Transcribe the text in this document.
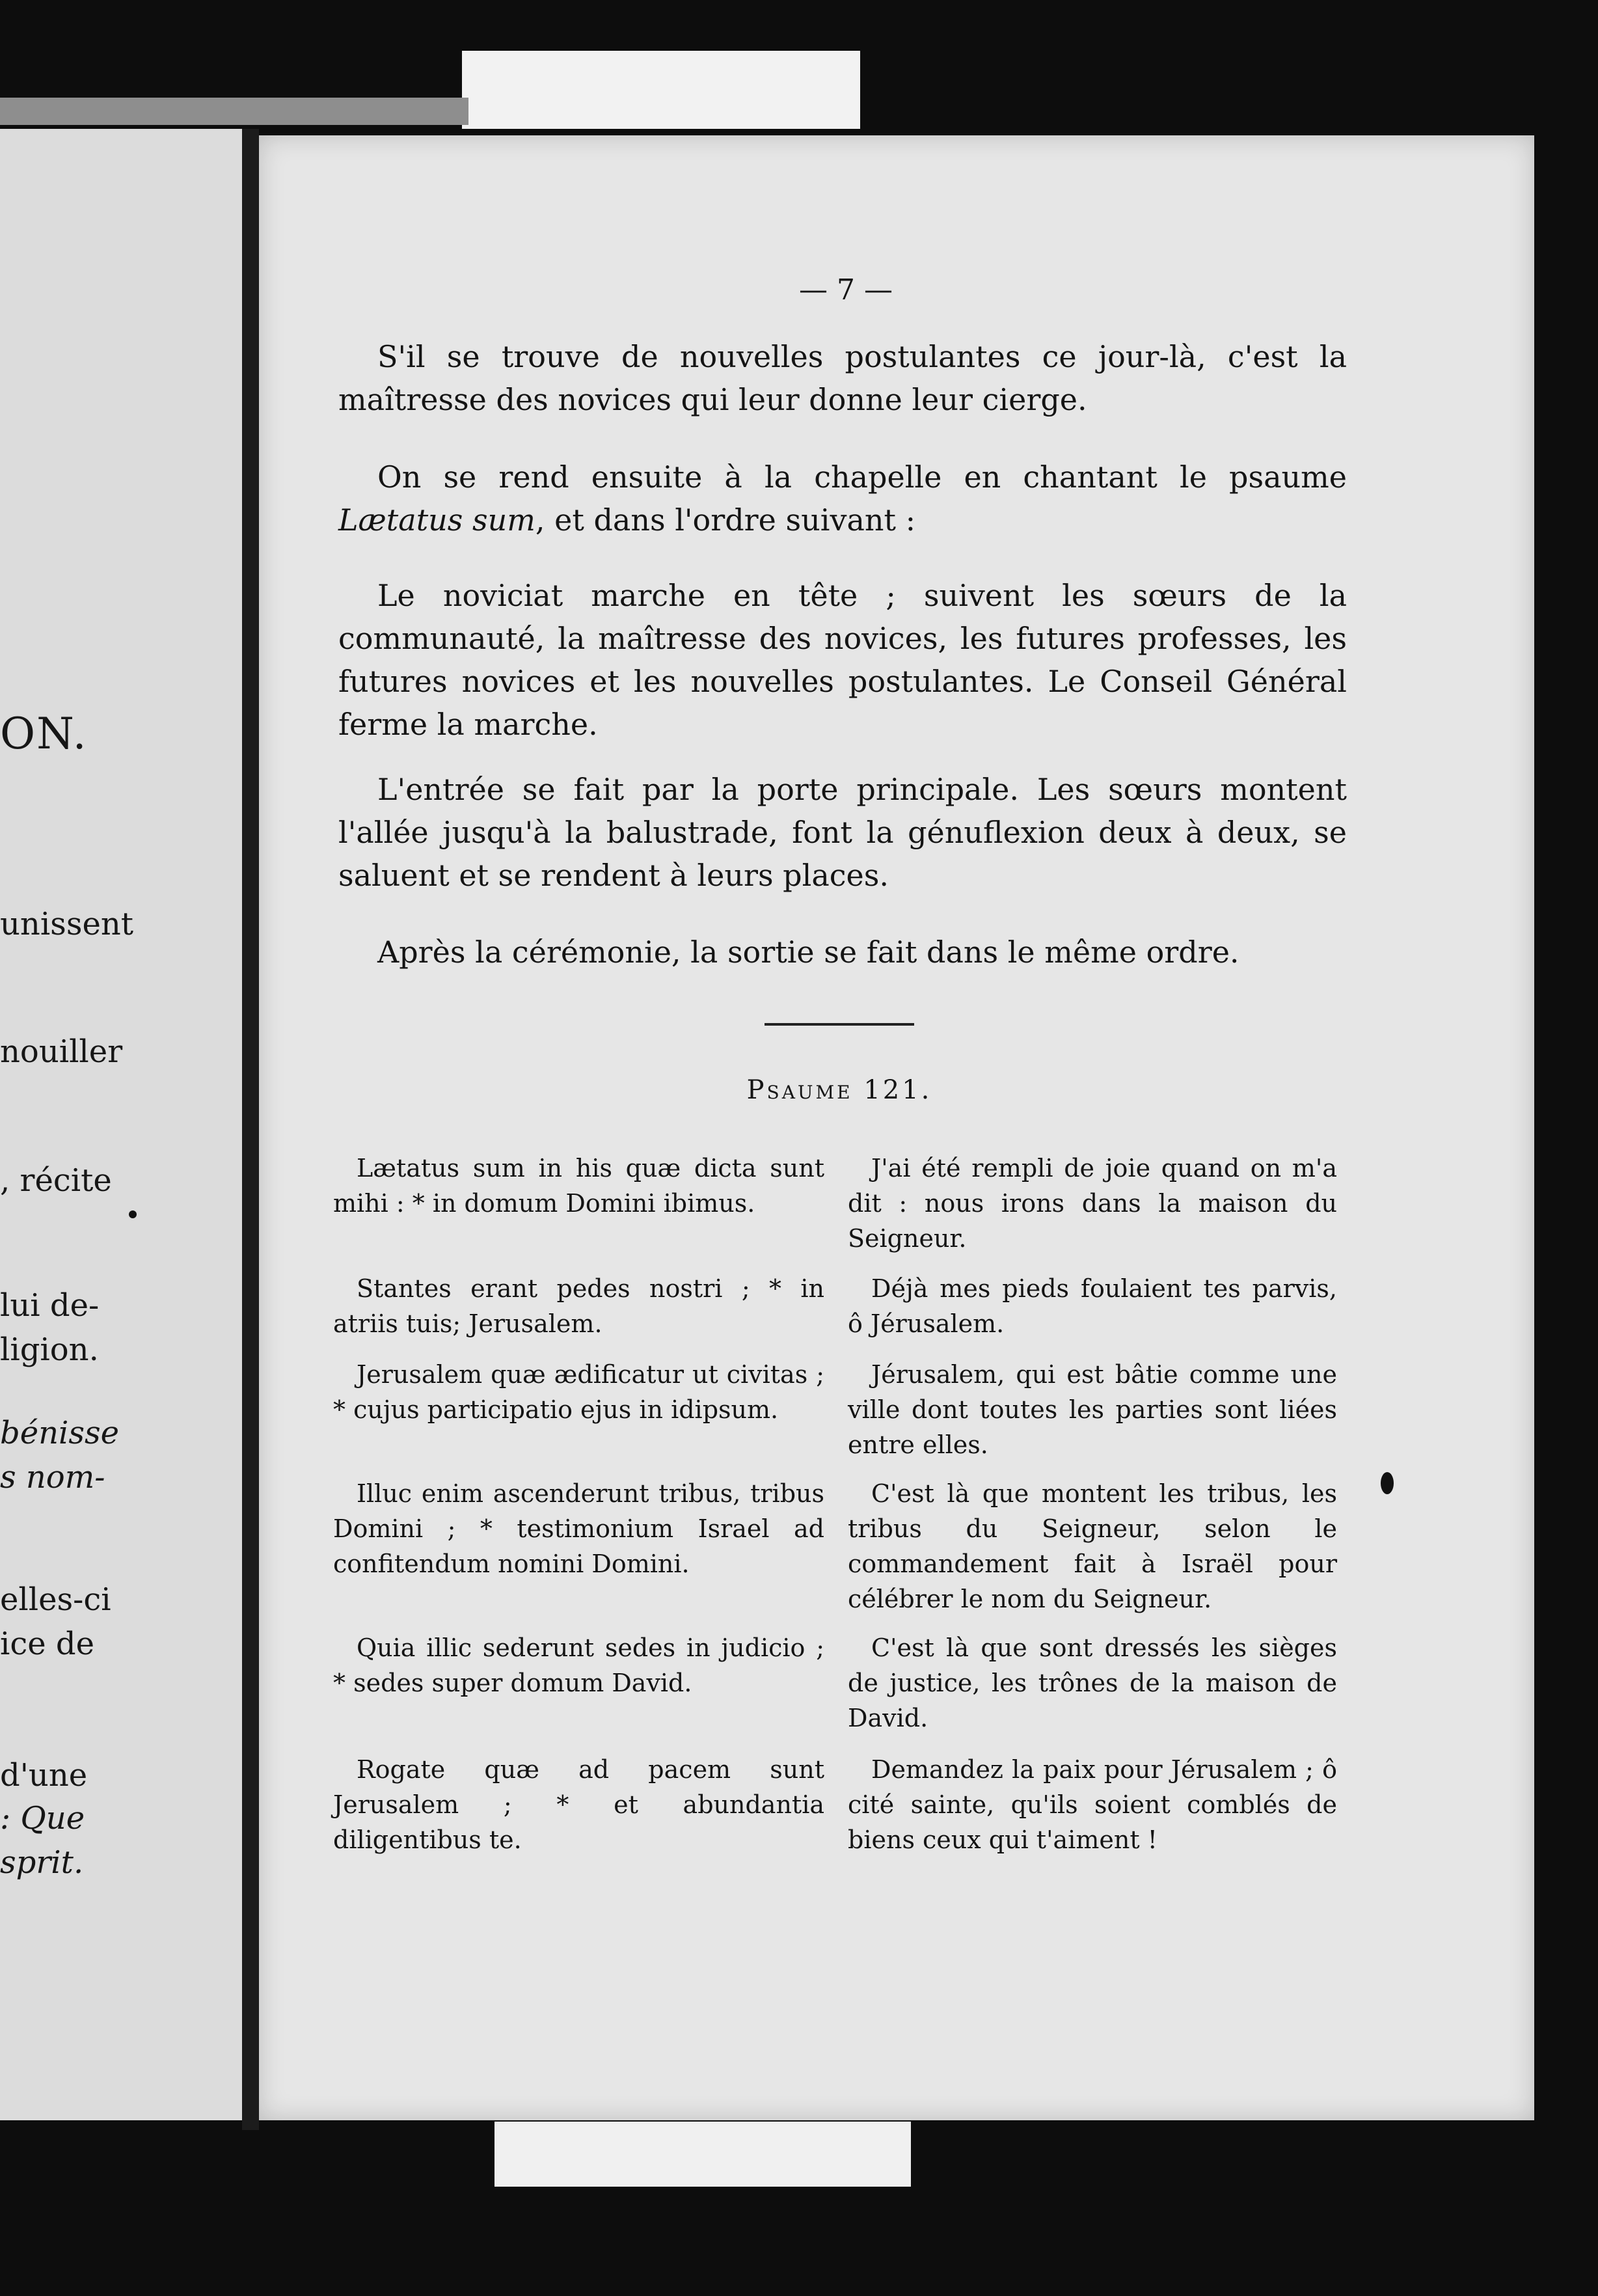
ON.
unissent
nouiller
, récite
lui de-
ligion.
bénisse
s nom-
elles-ci
ice de
d'une
: Que
sprit.
— 7 —

S'il se trouve de nouvelles postulantes ce jour-là, c'est la maîtresse des novices qui leur donne leur cierge.

On se rend ensuite à la chapelle en chantant le psaume Lætatus sum, et dans l'ordre suivant :

Le noviciat marche en tête ; suivent les sœurs de la communauté, la maîtresse des novices, les futures professes, les futures novices et les nouvelles postulantes. Le Conseil Général ferme la marche.

L'entrée se fait par la porte principale. Les sœurs montent l'allée jusqu'à la balustrade, font la génuflexion deux à deux, se saluent et se rendent à leurs places.

Après la cérémonie, la sortie se fait dans le même ordre.

Psaume 121.

Lætatus sum in his quæ dicta sunt mihi : * in domum Domini ibimus.

J'ai été rempli de joie quand on m'a dit : nous irons dans la maison du Seigneur.

Stantes erant pedes nostri ; * in atriis tuis; Jerusalem.

Déjà mes pieds foulaient tes parvis, ô Jérusalem.

Jerusalem quæ ædificatur ut civitas ; * cujus participatio ejus in idipsum.

Jérusalem, qui est bâtie comme une ville dont toutes les parties sont liées entre elles.

Illuc enim ascenderunt tribus, tribus Domini ; * testimonium Israel ad confitendum nomini Domini.

C'est là que montent les tribus, les tribus du Seigneur, selon le commandement fait à Israël pour célébrer le nom du Seigneur.

Quia illic sederunt sedes in judicio ; * sedes super domum David.

C'est là que sont dressés les sièges de justice, les trônes de la maison de David.

Rogate quæ ad pacem sunt Jerusalem ; * et abundantia diligentibus te.

Demandez la paix pour Jérusalem ; ô cité sainte, qu'ils soient comblés de biens ceux qui t'aiment !
